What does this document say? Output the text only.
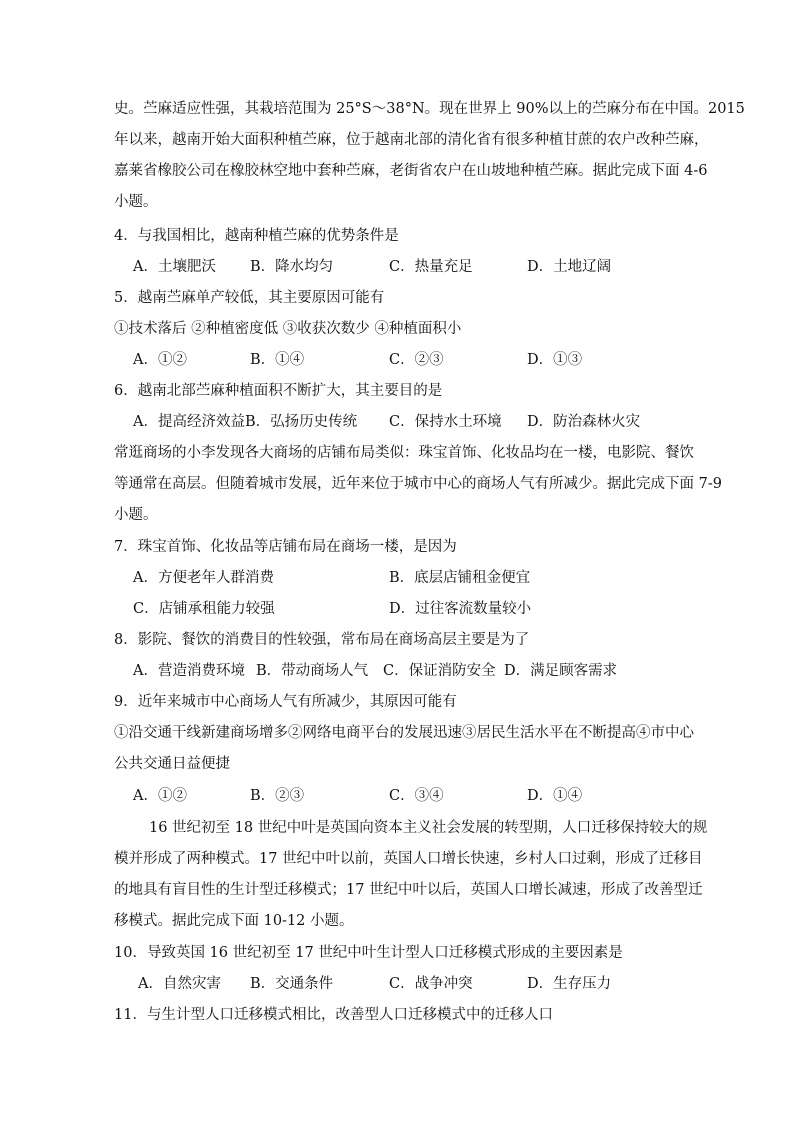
史。苎麻适应性强，其栽培范围为 25°S～38°N。现在世界上 90%以上的苎麻分布在中国。2015
年以来，越南开始大面积种植苎麻，位于越南北部的清化省有很多种植甘蔗的农户改种苎麻，
嘉莱省橡胶公司在橡胶林空地中套种苎麻，老街省农户在山坡地种植苎麻。据此完成下面 4-6
小题。
4．与我国相比，越南种植苎麻的优势条件是
A．土壤肥沃 B．降水均匀	C．热量充足	D．土地辽阔
5．越南苎麻单产较低，其主要原因可能有
①技术落后 ②种植密度低 ③收获次数少 ④种植面积小
A．①②	B．①④	C．②③	D．①③
6．越南北部苎麻种植面积不断扩大，其主要目的是
A．提高经济效益 B．弘扬历史传统 C．保持水土环境 D．防治森林火灾
常逛商场的小李发现各大商场的店铺布局类似：珠宝首饰、化妆品均在一楼，电影院、餐饮
等通常在高层。但随着城市发展，近年来位于城市中心的商场人气有所减少。据此完成下面 7-9
小题。
7．珠宝首饰、化妆品等店铺布局在商场一楼，是因为
A．方便老年人群消费	B．底层店铺租金便宜
C．店铺承租能力较强	D．过往客流数量较小
8．影院、餐饮的消费目的性较强，常布局在商场高层主要是为了
A．营造消费环境 B．带动商场人气 C．保证消防安全 D．满足顾客需求
9．近年来城市中心商场人气有所减少，其原因可能有
①沿交通干线新建商场增多②网络电商平台的发展迅速③居民生活水平在不断提高④市中心
公共交通日益便捷
A．①②	B．②③	C．③④	D．①④
16 世纪初至 18 世纪中叶是英国向资本主义社会发展的转型期，人口迁移保持较大的规
模并形成了两种模式。17 世纪中叶以前，英国人口增长快速，乡村人口过剩，形成了迁移目
的地具有盲目性的生计型迁移模式；17 世纪中叶以后，英国人口增长减速，形成了改善型迁
移模式。据此完成下面 10-12 小题。
10．导致英国 16 世纪初至 17 世纪中叶生计型人口迁移模式形成的主要因素是
A．自然灾害 B．交通条件	C．战争冲突	D．生存压力
11．与生计型人口迁移模式相比，改善型人口迁移模式中的迁移人口
